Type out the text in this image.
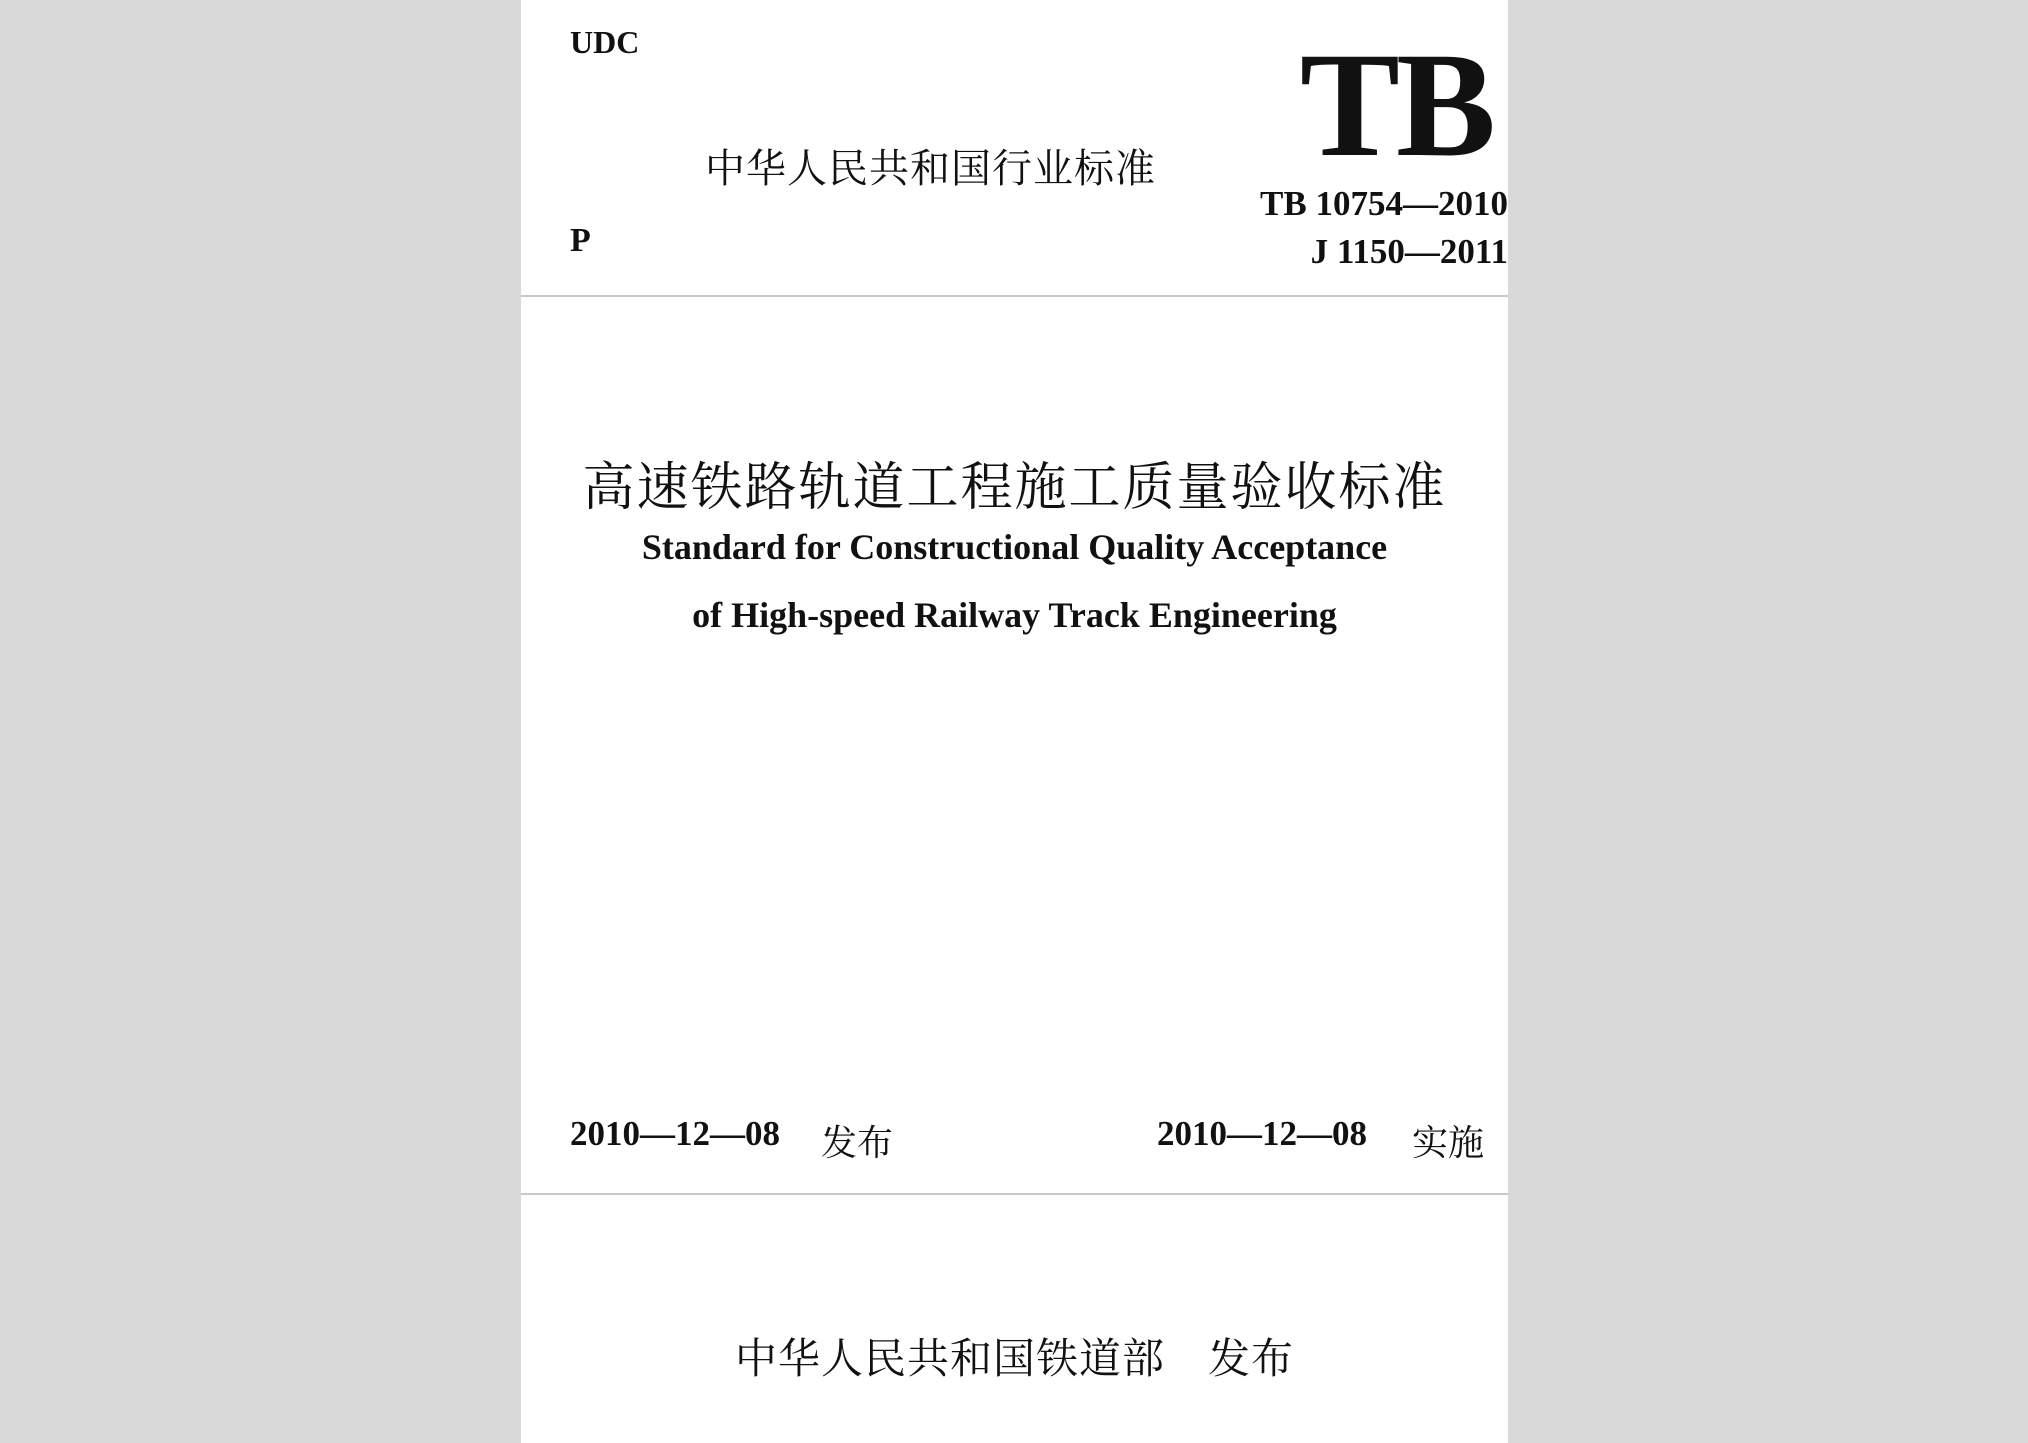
UDC
中华人民共和国行业标准
P
TB
TB 10754—2010
J 1150—2011
高速铁路轨道工程施工质量验收标准
Standard for Constructional Quality Acceptance
of High-speed Railway Track Engineering
2010—12—08 发布	2010—12—08 实施
中华人民共和国铁道部　发布
